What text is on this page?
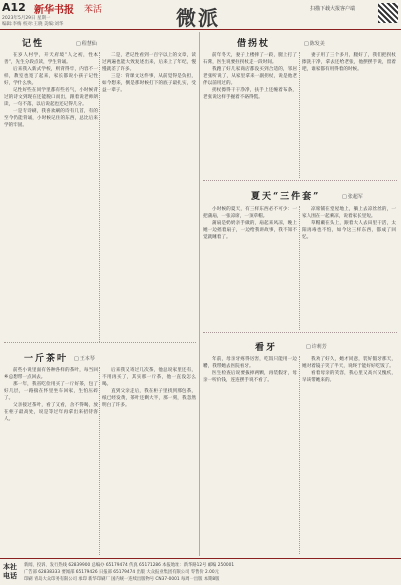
A12 新华书报 苯活
2023年5月29日 星期一
编辑:李梅 校对:王晓 美编:刘华	微派	扫描下载大报客户端
记性	□ 程慧仙

在岁人村学，开天府境“人之初，性本善”，先生分段点读，学生背诵。

后来我入新式学校，则背得牢，内容不一样，教室也宽了起来，家长都说小孩子记性好，学什么快。

记性好些在同学里都有些名气，小时候背过的诗文到现在还能脱口而出，跟着说老师朗读，一句不落，以后说起也还记得几分。

一是专诗刷，我喜欢刷的诗有几首，有的至今仍能背诵，小时候记住的东西，总比后来学的牢固。

二是，老记性看到一百字以上的文章，读过两遍也能大致复述出来，后来上了年纪，慢慢就差了许多。

三是：背课文这件事，从前觉得是负担，如今想来，倒是那时候打下的底子最扎实，受益一辈子。

一斤茶叶	□ 王本琴

前些小说里面有各种各样的茶叶，每当回乡总想带一点回去。

那一年，我省吃俭用买了一斤好茶，包了好几层，一路揣在怀里坐车回家，生怕压碎了。

父亲接过茶叶，看了又看，舍不得喝，放在柜子最高处，说是等过年再拿出来招待客人。

后来我又寄过几次茶，他总说家里还有，不用再买了，其实那一斤茶，他一直没怎么喝。

直到父亲走后，我在柜子里找到那包茶，纸已经发黄，茶叶还剩大半，那一刻，我忽然明白了许多。

借拐杖

前年冬天，妻子上楼摔了一跤，腿上打了石膏，医生说要拄拐杖走一段时间。

我跑了好几家商店都没买到合适的，邻居老张听说了，从家里拿来一副拐杖，说是他老伴以前用过的。

拐杖擦得干干净净，扶手上还缠着布条，老张说这样手握着不硌得慌。

□ 陈发美

妻子用了三个多月，腿好了，我们把拐杖擦洗干净，拿去还给老张，他摆摆手说，留着吧，谁家都有用得着的时候。

夏天“三件套”

小时候的夏天，有三样东西必不可少：一把蒲扇，一张凉席，一顶草帽。

蒲扇是奶奶亲手做的，扇起来风凉，晚上她一边摇着扇子，一边给我讲故事，我不知不觉就睡着了。

□ 张超军

凉席铺在堂屋地上，躺上去凉丝丝的，一家人围在一起乘凉，说着家长里短。

草帽戴在头上，跟着大人去田里干活，太阳再毒也不怕，如今这三样东西，都成了回忆。

看牙

年前，母亲牙疼得厉害，吃饭只能用一边嚼，我带她去医院看牙。

医生检查后说要拔掉两颗，再装假牙，母亲一听价钱，连连摆手说不看了。

□ 许莉芳

我劝了好久，她才同意，装好假牙那天，她对着镜子笑了半天，说终于能好好吃饭了。

看着母亲的笑容，我心里又高兴又愧疚，早该带她来的。

本社电话
新闻、投诉、发行热线 62839900 总编办 65179474 传真 65171286 本报地址：新华路12号 邮编 250001
广告部 62838333 要闻部 65179426 日报部 65179474 出版 大众报业集团有限公司 零售价 2.00元
印刷 青岛大众印务有限公司 承印 新华印刷厂 国内统一连续出版物号 CN37-0001 每周一出版 本期8版
